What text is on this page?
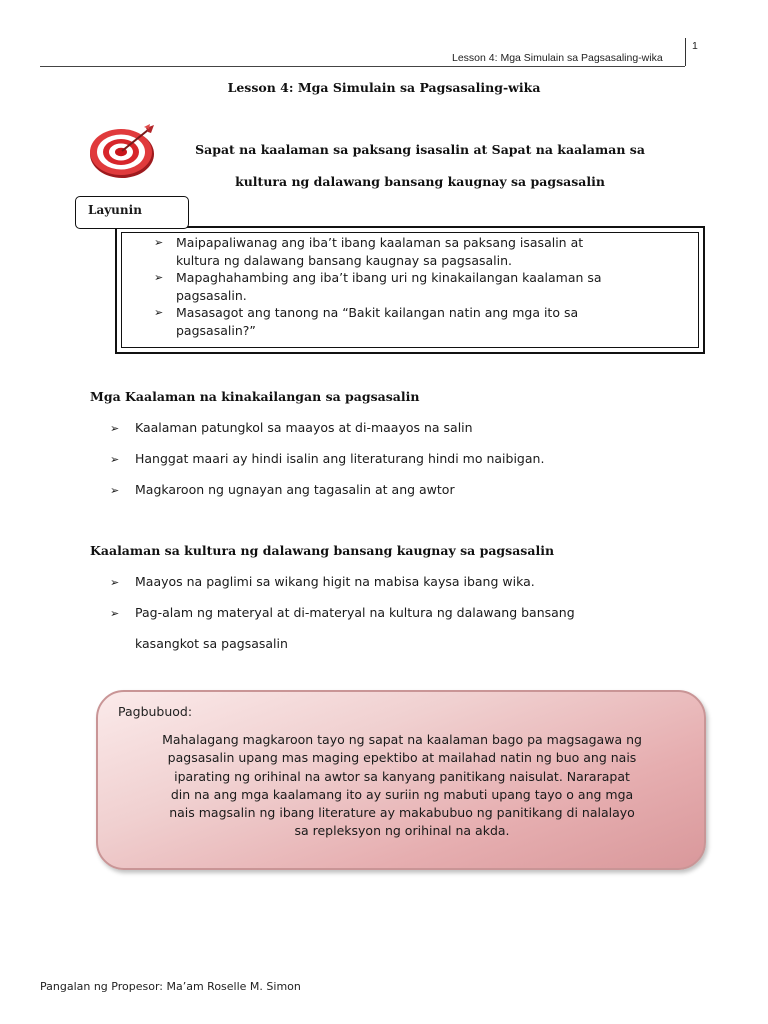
Lesson 4: Mga Simulain sa Pagsasaling-wika
1
Lesson 4: Mga Simulain sa Pagsasaling-wika
Sapat na kaalaman sa paksang isasalin at Sapat na kaalaman sa
kultura ng dalawang bansang kaugnay sa pagsasalin
Layunin
➢ Maipapaliwanag ang iba’t ibang kaalaman sa paksang isasalin at
kultura ng dalawang bansang kaugnay sa pagsasalin.
➢ Mapaghahambing ang iba’t ibang uri ng kinakailangan kaalaman sa
pagsasalin.
➢ Masasagot ang tanong na “Bakit kailangan natin ang mga ito sa
pagsasalin?”
Mga Kaalaman na kinakailangan sa pagsasalin
➢ Kaalaman patungkol sa maayos at di-maayos na salin
➢ Hanggat maari ay hindi isalin ang literaturang hindi mo naibigan.
➢ Magkaroon ng ugnayan ang tagasalin at ang awtor
Kaalaman sa kultura ng dalawang bansang kaugnay sa pagsasalin
➢ Maayos na paglimi sa wikang higit na mabisa kaysa ibang wika.
➢ Pag-alam ng materyal at di-materyal na kultura ng dalawang bansang
kasangkot sa pagsasalin
Pagbubuod:

Mahalagang magkaroon tayo ng sapat na kaalaman bago pa magsagawa ng
pagsasalin upang mas maging epektibo at mailahad natin ng buo ang nais
iparating ng orihinal na awtor sa kanyang panitikang naisulat. Nararapat
din na ang mga kaalamang ito ay suriin ng mabuti upang tayo o ang mga
nais magsalin ng ibang literature ay makabubuo ng panitikang di nalalayo
sa repleksyon ng orihinal na akda.

Pangalan ng Propesor: Ma’am Roselle M. Simon
